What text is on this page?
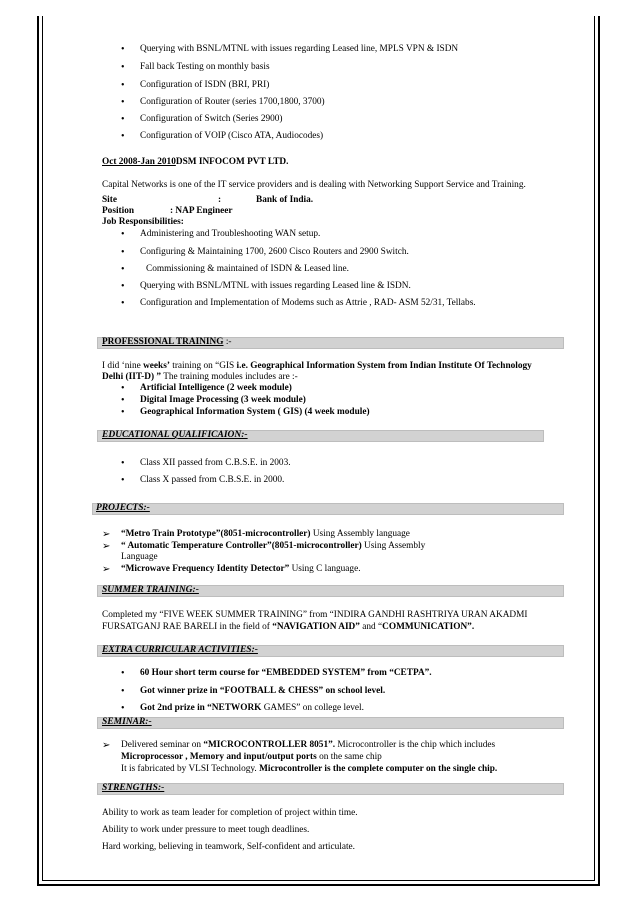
• Querying with BSNL/MTNL with issues regarding Leased line, MPLS VPN & ISDN
• Fall back Testing on monthly basis
• Configuration of ISDN (BRI, PRI)
• Configuration of Router (series 1700,1800, 3700)
• Configuration of Switch (Series 2900)
• Configuration of VOIP (Cisco ATA, Audiocodes)
Oct 2008-Jan 2010DSM INFOCOM PVT LTD.
Capital Networks is one of the IT service providers and is dealing with Networking Support Service and Training.
Site	:	Bank of India.
Position	: NAP Engineer
Job Responsibilities:
• Administering and Troubleshooting WAN setup.
• Configuring & Maintaining 1700, 2600 Cisco Routers and 2900 Switch.
• Commissioning & maintained of ISDN & Leased line.
• Querying with BSNL/MTNL with issues regarding Leased line & ISDN.
• Configuration and Implementation of Modems such as Attrie , RAD- ASM 52/31, Tellabs.
PROFESSIONAL TRAINING :-
I did ‘nine weeks’ training on “GIS i.e. Geographical Information System from Indian Institute Of Technology
Delhi (IIT-D) ” The training modules includes are :-
• Artificial Intelligence (2 week module)
• Digital Image Processing (3 week module)
• Geographical Information System ( GIS) (4 week module)
EDUCATIONAL QUALIFICAION:-
• Class XII passed from C.B.S.E. in 2003.
• Class X passed from C.B.S.E. in 2000.
PROJECTS:-
➢ “Metro Train Prototype”(8051-microcontroller) Using Assembly language
➢ “ Automatic Temperature Controller”(8051-microcontroller) Using Assembly
Language
➢ “Microwave Frequency Identity Detector” Using C language.
SUMMER TRAINING:-
Completed my “FIVE WEEK SUMMER TRAINING” from “INDIRA GANDHI RASHTRIYA URAN AKADMI
FURSATGANJ RAE BARELI in the field of “NAVIGATION AID” and “COMMUNICATION”.
EXTRA CURRICULAR ACTIVITIES:-
• 60 Hour short term course for “EMBEDDED SYSTEM” from “CETPA”.
• Got winner prize in “FOOTBALL & CHESS” on school level.
• Got 2nd prize in “NETWORK GAMES” on college level.
SEMINAR:-
➢ Delivered seminar on “MICROCONTROLLER 8051”. Microcontroller is the chip which includes
Microprocessor , Memory and input/output ports on the same chip
It is fabricated by VLSI Technology. Microcontroller is the complete computer on the single chip.
STRENGTHS:-
Ability to work as team leader for completion of project within time.
Ability to work under pressure to meet tough deadlines.
Hard working, believing in teamwork, Self-confident and articulate.
